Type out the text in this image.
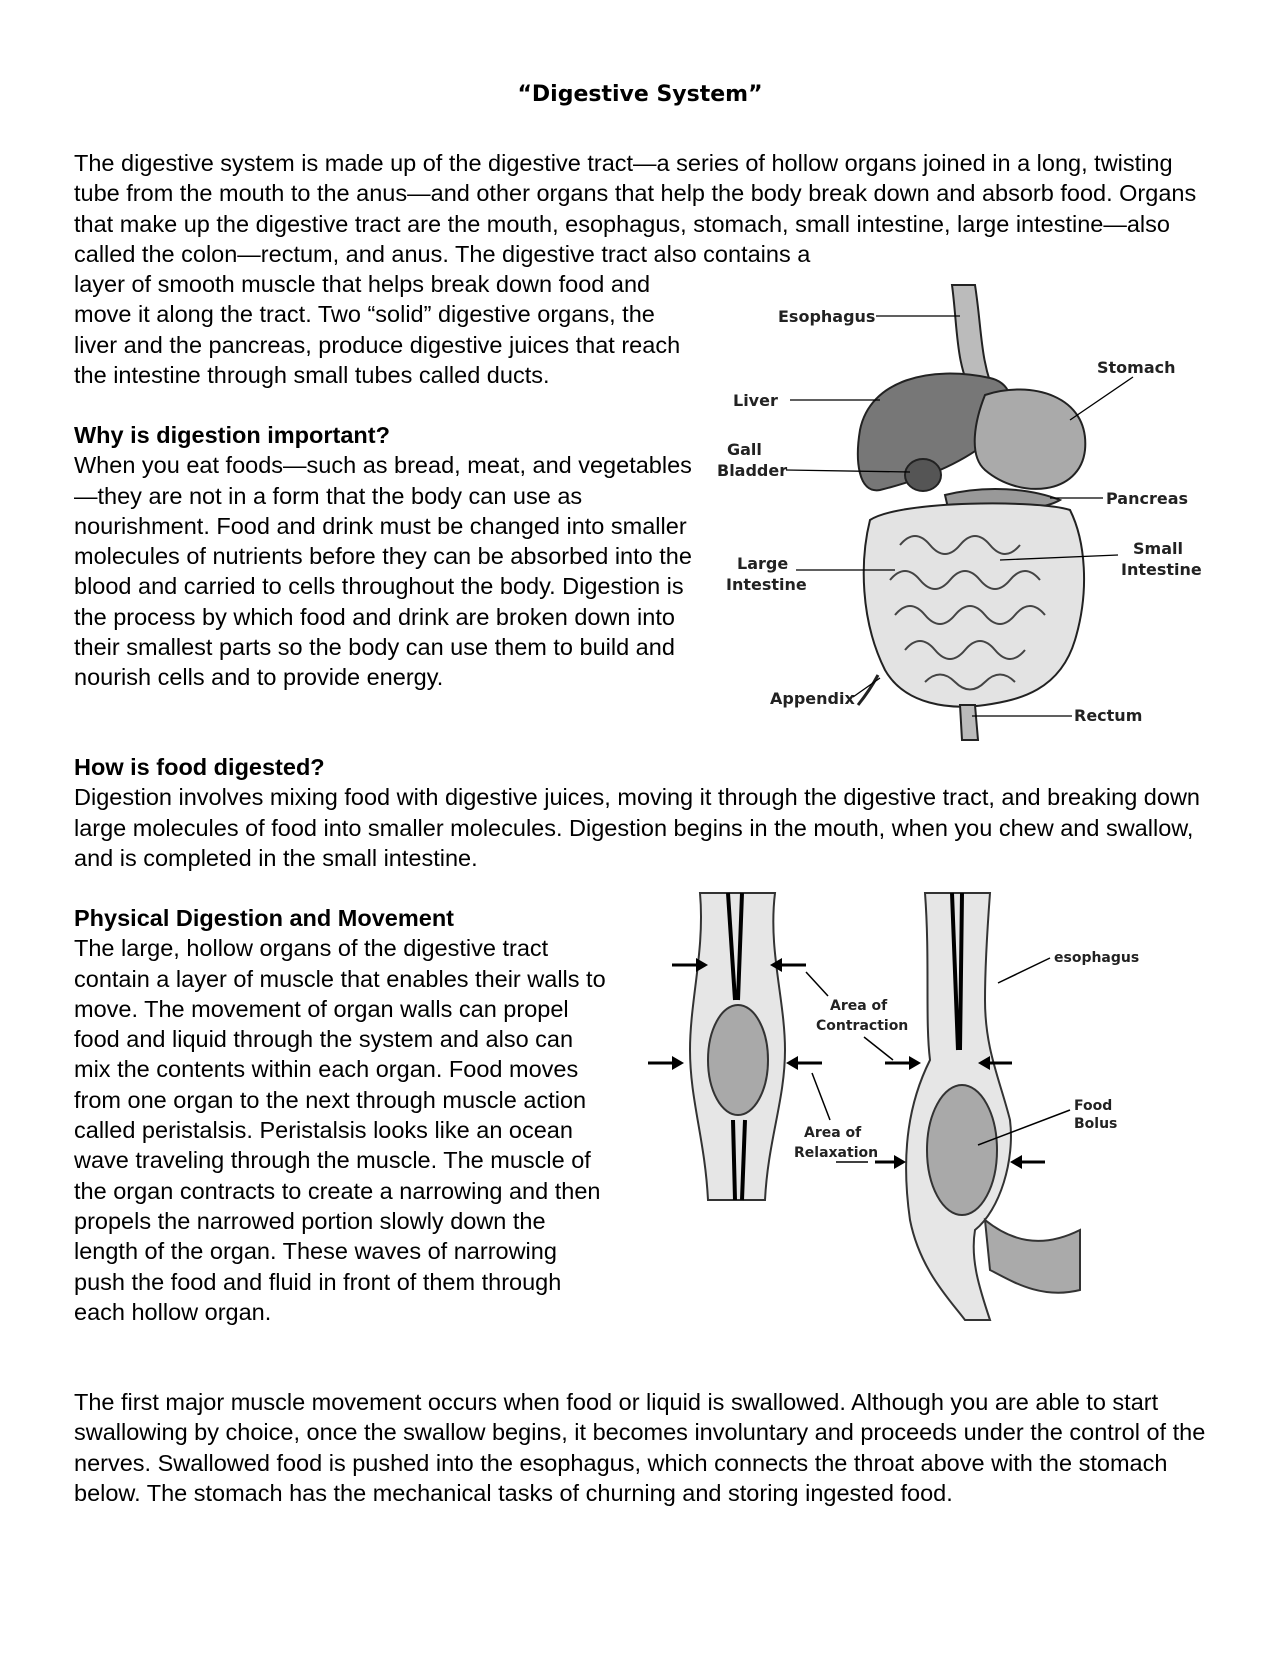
“Digestive System”

The digestive system is made up of the digestive tract—a series of hollow organs joined in a long, twisting tube from the mouth to the anus—and other organs that help the body break down and absorb food. Organs that make up the digestive tract are the mouth, esophagus, stomach, small intestine, large intestine—also called the colon—rectum, and anus. The digestive tract also contains a

layer of smooth muscle that helps break down food and move it along the tract. Two “solid” digestive organs, the liver and the pancreas, produce digestive juices that reach the intestine through small tubes called ducts.

Why is digestion important?
When you eat foods—such as bread, meat, and vegetables—they are not in a form that the body can use as nourishment. Food and drink must be changed into smaller molecules of nutrients before they can be absorbed into the blood and carried to cells throughout the body. Digestion is the process by which food and drink are broken down into their smallest parts so the body can use them to build and nourish cells and to provide energy.
How is food digested?
Digestion involves mixing food with digestive juices, moving it through the digestive tract, and breaking down large molecules of food into smaller molecules. Digestion begins in the mouth, when you chew and swallow, and is completed in the small intestine.
Physical Digestion and Movement
The large, hollow organs of the digestive tract contain a layer of muscle that enables their walls to move. The movement of organ walls can propel food and liquid through the system and also can mix the contents within each organ. Food moves from one organ to the next through muscle action called peristalsis. Peristalsis looks like an ocean wave traveling through the muscle. The muscle of the organ contracts to create a narrowing and then propels the narrowed portion slowly down the length of the organ. These waves of narrowing push the food and fluid in front of them through each hollow organ.

The first major muscle movement occurs when food or liquid is swallowed. Although you are able to start swallowing by choice, once the swallow begins, it becomes involuntary and proceeds under the control of the nerves. Swallowed food is pushed into the esophagus, which connects the throat above with the stomach below. The stomach has the mechanical tasks of churning and storing ingested food.

Esophagus
Stomach
Liver
Gall
Bladder
Pancreas
Large
Intestine
Small
Intestine
Appendix
Rectum
esophagus
Area of
Contraction
Area of
Relaxation
Food
Bolus
